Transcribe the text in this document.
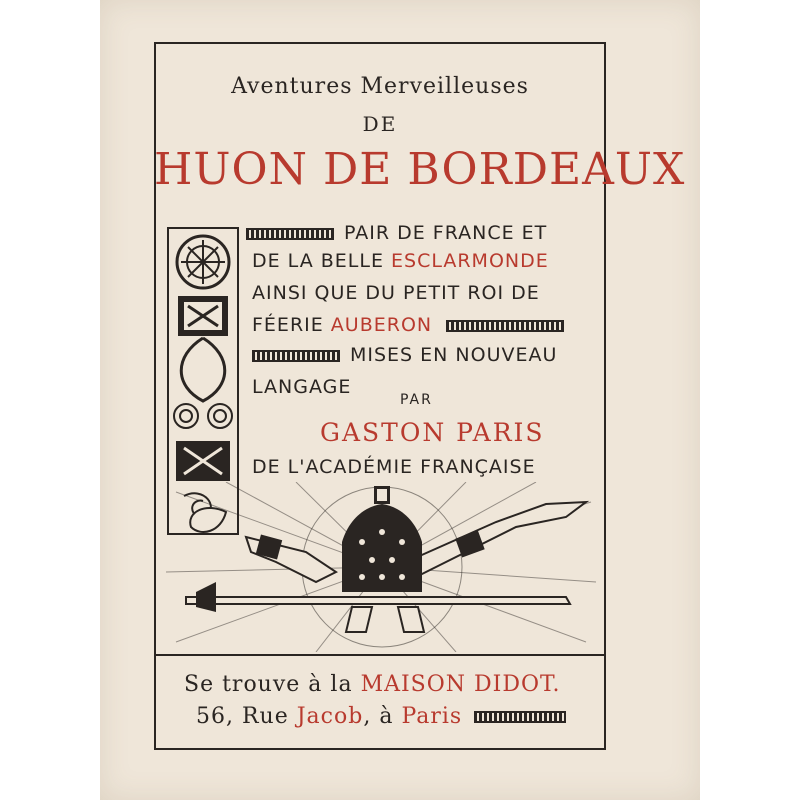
Aventures Merveilleuses
DE
HUON DE BORDEAUX
PAIR DE FRANCE ET
DE LA BELLE ESCLARMONDE
AINSI QUE DU PETIT ROI DE
FÉERIE AUBERON
MISES EN NOUVEAU
LANGAGE
PAR
GASTON PARIS
DE L'ACADÉMIE FRANÇAISE
Se trouve à la MAISON DIDOT.
56, Rue Jacob, à Paris
